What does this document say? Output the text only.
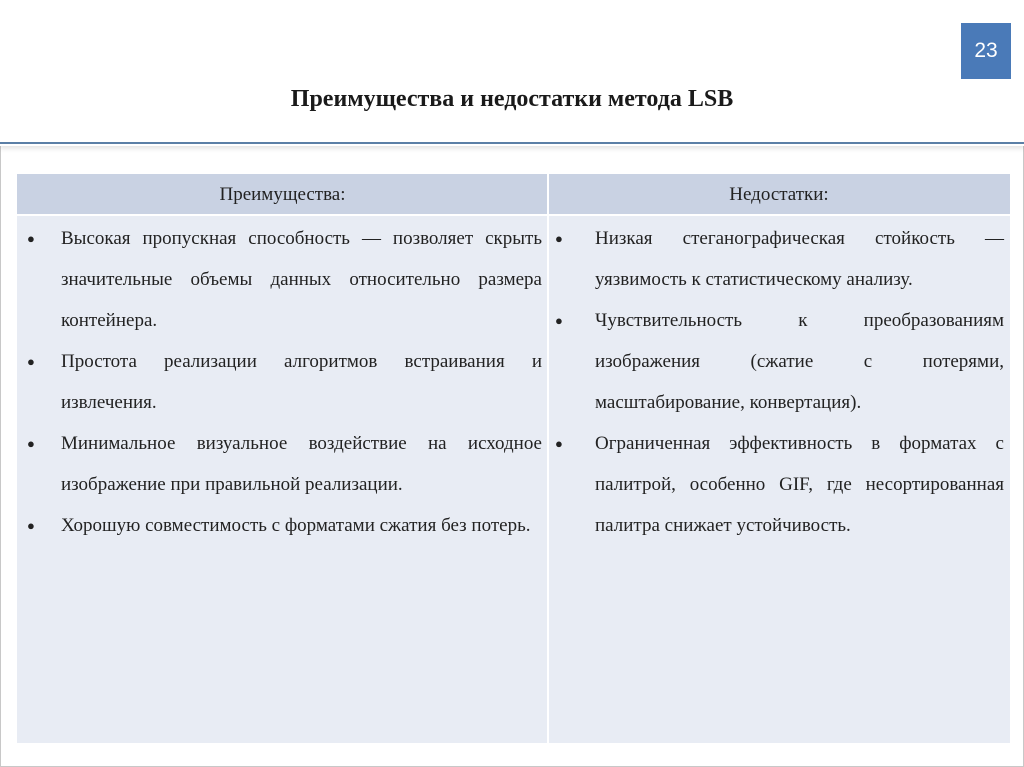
23
Преимущества и недостатки метода LSB
Преимущества:	Недостатки:
● Высокая пропускная способность — позволяет скрыть значительные объемы данных относительно размера контейнера.
● Простота реализации алгоритмов встраивания и извлечения.
● Минимальное визуальное воздействие на исходное изображение при правильной реализации.
● Хорошую совместимость с форматами сжатия без потерь.
● Низкая стеганографическая стойкость — уязвимость к статистическому анализу.
● Чувствительность к преобразованиям изображения (сжатие с потерями, масштабирование, конвертация).
● Ограниченная эффективность в форматах с палитрой, особенно GIF, где несортированная палитра снижает устойчивость.
